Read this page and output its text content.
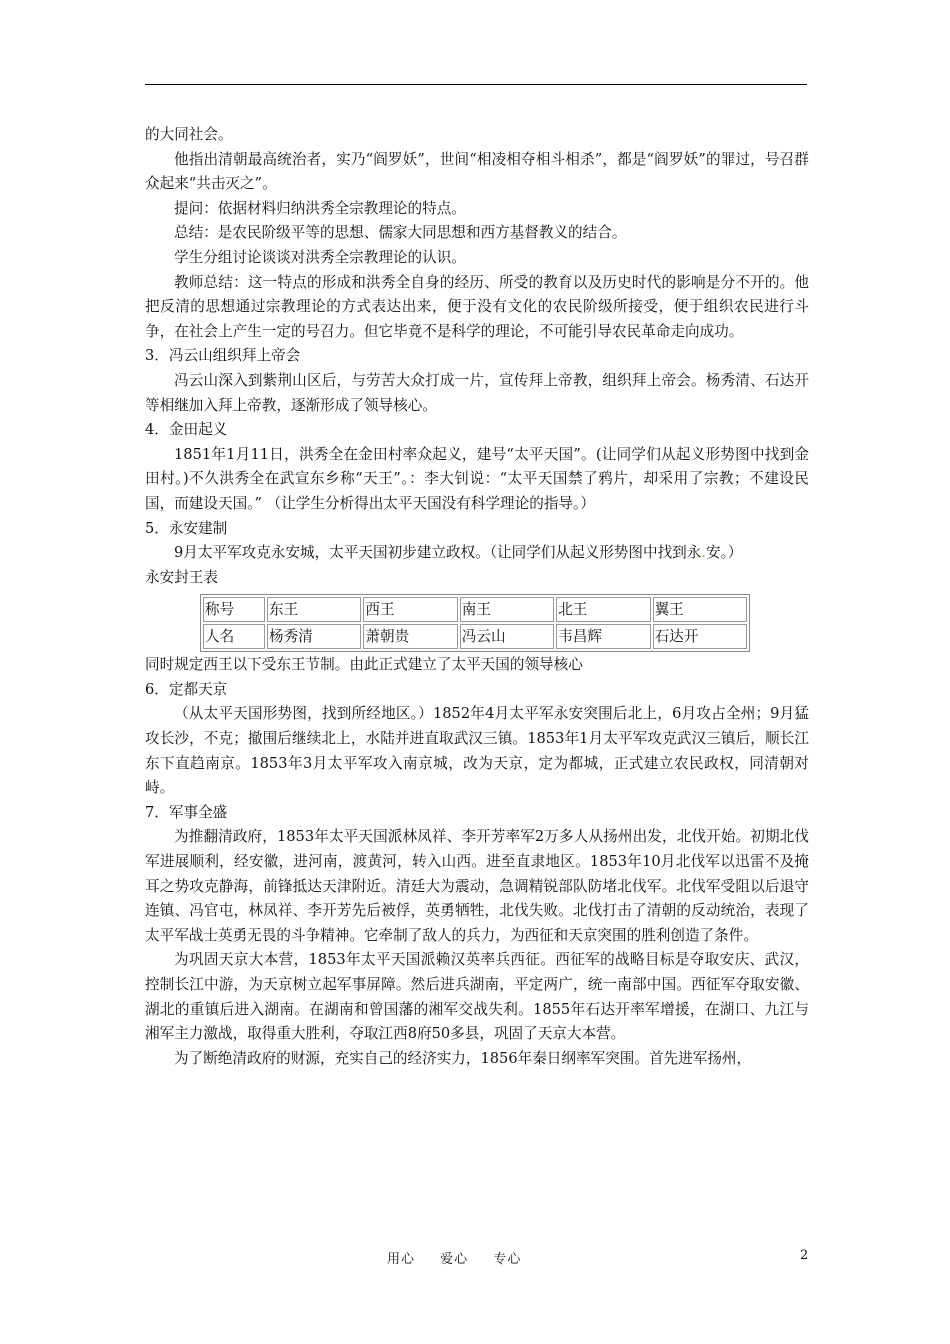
的大同社会。

他指出清朝最高统治者，实乃“阎罗妖”，世间“相凌相夺相斗相杀”，都是“阎罗妖”的罪过，号召群众起来“共击灭之”。

提问：依据材料归纳洪秀全宗教理论的特点。

总结：是农民阶级平等的思想、儒家大同思想和西方基督教义的结合。

学生分组讨论谈谈对洪秀全宗教理论的认识。

教师总结：这一特点的形成和洪秀全自身的经历、所受的教育以及历史时代的影响是分不开的。他把反清的思想通过宗教理论的方式表达出来，便于没有文化的农民阶级所接受，便于组织农民进行斗争，在社会上产生一定的号召力。但它毕竟不是科学的理论，不可能引导农民革命走向成功。

3．冯云山组织拜上帝会

冯云山深入到紫荆山区后，与劳苦大众打成一片，宣传拜上帝教，组织拜上帝会。杨秀清、石达开等相继加入拜上帝教，逐渐形成了领导核心。

4．金田起义

1851年1月11日，洪秀全在金田村率众起义，建号“太平天国”。(让同学们从起义形势图中找到金田村。)不久洪秀全在武宣东乡称“天王”。：李大钊说：“太平天国禁了鸦片，却采用了宗教；不建设民国，而建设天国。” （让学生分析得出太平天国没有科学理论的指导。）

5．永安建制

9月太平军攻克永安城，太平天国初步建立政权。（让同学们从起义形势图中找到永.安。）

永安封王表

称号	东王	西王	南王	北王	翼王
人名	杨秀清	萧朝贵	冯云山	韦昌辉	石达开

同时规定西王以下受东王节制。由此正式建立了太平天国的领导核心

6．定都天京

（从太平天国形势图，找到所经地区。）1852年4月太平军永安突围后北上，6月攻占全州；9月猛攻长沙，不克；撤围后继续北上，水陆并进直取武汉三镇。1853年1月太平军攻克武汉三镇后，顺长江东下直趋南京。1853年3月太平军攻入南京城，改为天京，定为都城，正式建立农民政权，同清朝对峙。

7．军事全盛

为推翻清政府，1853年太平天国派林凤祥、李开芳率军2万多人从扬州出发，北伐开始。初期北伐军进展顺利，经安徽，进河南，渡黄河，转入山西。进至直隶地区。1853年10月北伐军以迅雷不及掩耳之势攻克静海，前锋抵达天津附近。清廷大为震动，急调精锐部队防堵北伐军。北伐军受阻以后退守连镇、冯官屯，林凤祥、李开芳先后被俘，英勇牺牲，北伐失败。北伐打击了清朝的反动统治，表现了太平军战士英勇无畏的斗争精神。它牵制了敌人的兵力，为西征和天京突围的胜利创造了条件。

为巩固天京大本营，1853年太平天国派赖汉英率兵西征。西征军的战略目标是夺取安庆、武汉，控制长江中游，为天京树立起军事屏障。然后进兵湖南，平定两广，统一南部中国。西征军夺取安徽、湖北的重镇后进入湖南。在湖南和曾国藩的湘军交战失利。1855年石达开率军增援，在湖口、九江与湘军主力激战，取得重大胜利，夺取江西8府50多县，巩固了天京大本营。

为了断绝清政府的财源，充实自己的经济实力，1856年秦日纲率军突围。首先进军扬州，

用心 爱心 专心	2
